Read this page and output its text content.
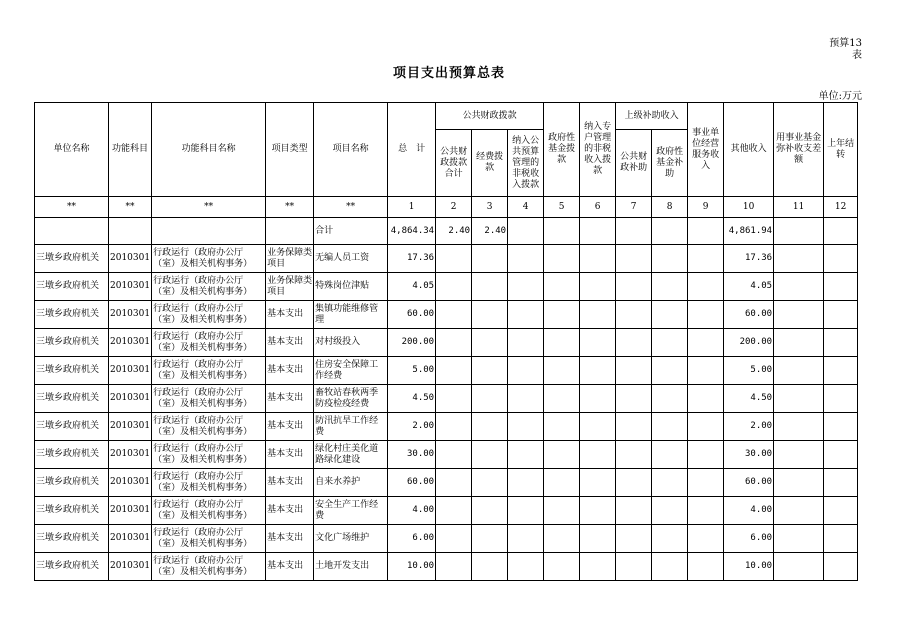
预算13
表
项目支出预算总表
单位:万元
单位名称	功能科目	功能科目名称	项目类型	项目名称	总　计	公共财政拨款			政府性基金拨款	纳入专户管理的非税收入拨款	上级补助收入		事业单位经营服务收入	其他收入	用事业基金弥补收支差额	上年结转
						公共财政拨款合计	经费拨款	纳入公共预算管理的非税收入拨款			公共财政补助	政府性基金补助				
**	**	**	**	**	1	2	3	4	5	6	7	8	9	10	11	12
				合计	4,864.34	2.40	2.40							4,861.94		
三墩乡政府机关	2010301	行政运行（政府办公厅（室）及相关机构事务）	业务保障类项目	无编人员工资	17.36									17.36		
三墩乡政府机关	2010301	行政运行（政府办公厅（室）及相关机构事务）	业务保障类项目	特殊岗位津贴	4.05									4.05		
三墩乡政府机关	2010301	行政运行（政府办公厅（室）及相关机构事务）	基本支出	集镇功能维修管理	60.00									60.00		
三墩乡政府机关	2010301	行政运行（政府办公厅（室）及相关机构事务）	基本支出	对村级投入	200.00									200.00		
三墩乡政府机关	2010301	行政运行（政府办公厅（室）及相关机构事务）	基本支出	住房安全保障工作经费	5.00									5.00		
三墩乡政府机关	2010301	行政运行（政府办公厅（室）及相关机构事务）	基本支出	畜牧站春秋两季防疫检疫经费	4.50									4.50		
三墩乡政府机关	2010301	行政运行（政府办公厅（室）及相关机构事务）	基本支出	防汛抗旱工作经费	2.00									2.00		
三墩乡政府机关	2010301	行政运行（政府办公厅（室）及相关机构事务）	基本支出	绿化村庄美化道路绿化建设	30.00									30.00		
三墩乡政府机关	2010301	行政运行（政府办公厅（室）及相关机构事务）	基本支出	自来水养护	60.00									60.00		
三墩乡政府机关	2010301	行政运行（政府办公厅（室）及相关机构事务）	基本支出	安全生产工作经费	4.00									4.00		
三墩乡政府机关	2010301	行政运行（政府办公厅（室）及相关机构事务）	基本支出	文化广场维护	6.00									6.00		
三墩乡政府机关	2010301	行政运行（政府办公厅（室）及相关机构事务）	基本支出	土地开发支出	10.00									10.00		
